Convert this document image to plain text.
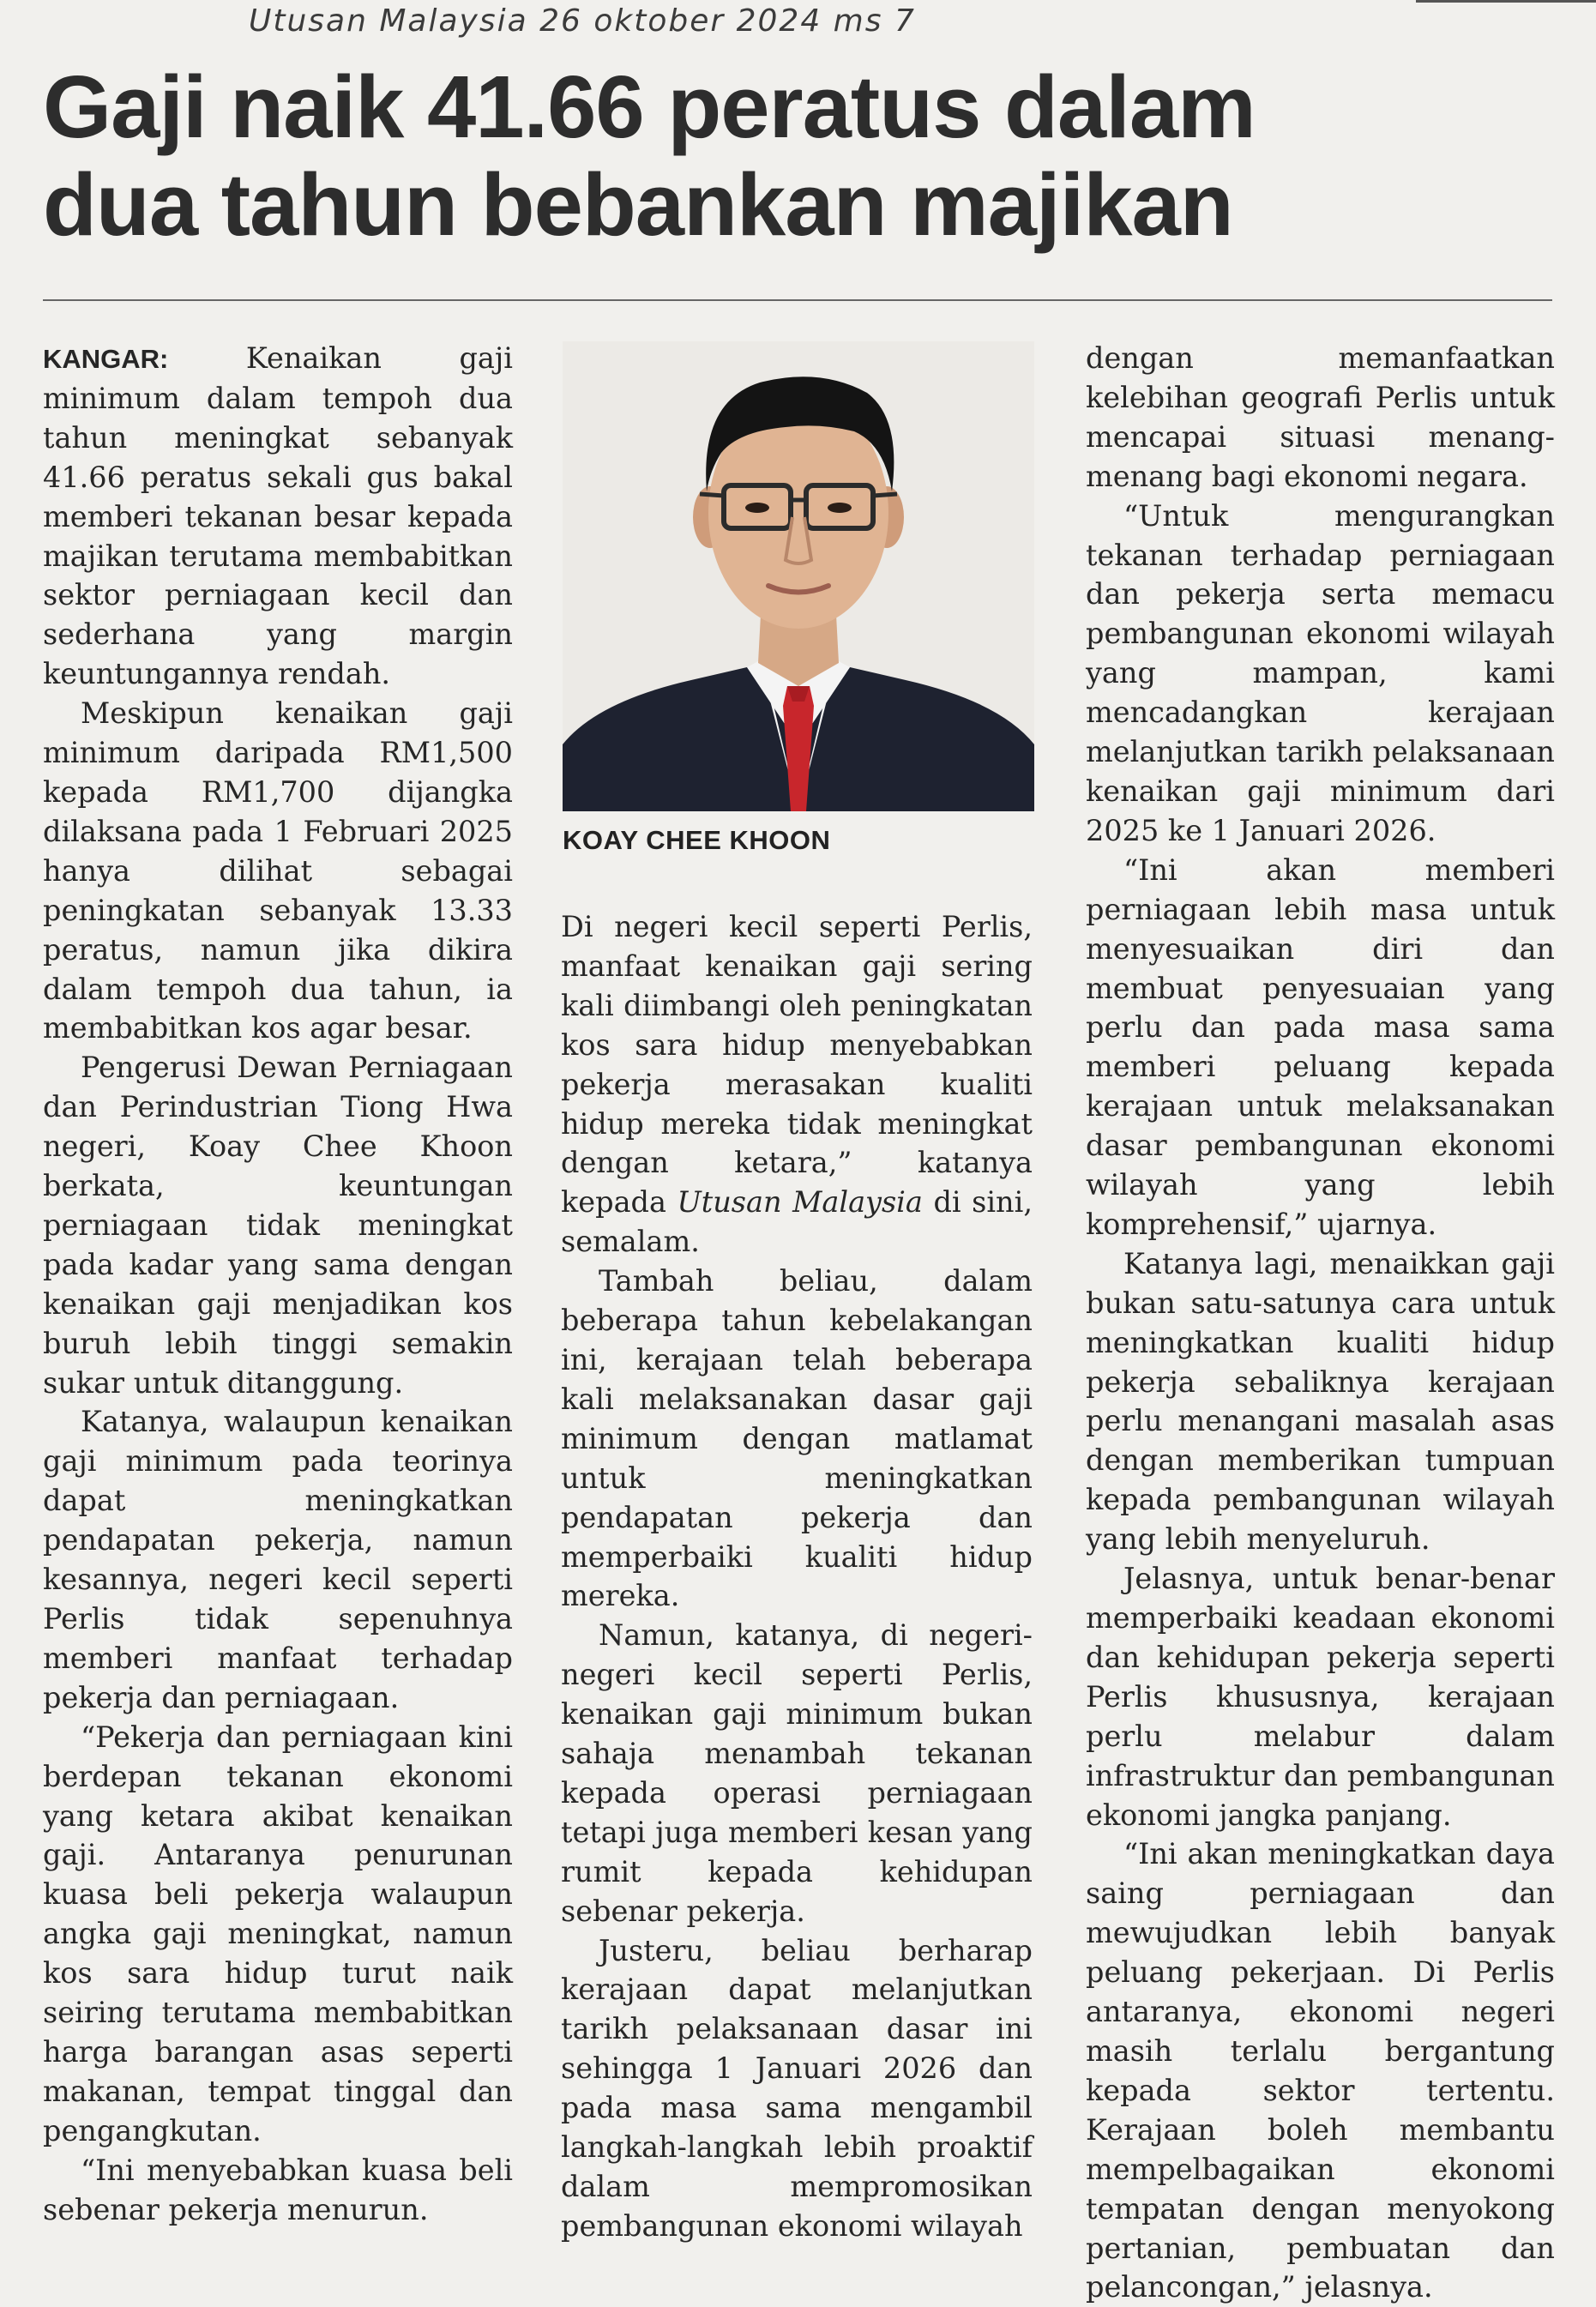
Utusan Malaysia 26 oktober 2024 ms 7
Gaji naik 41.66 peratus dalam
dua tahun bebankan majikan

KANGAR:	Kenaikan gaji minimum dalam tempoh dua tahun meningkat sebanyak 41.66 peratus sekali gus bakal memberi tekanan besar kepada majikan terutama membabitkan sektor perniagaan kecil dan sederhana yang margin keuntungannya rendah.

Meskipun kenaikan gaji minimum daripada RM1,500 kepada RM1,700 dijangka dilaksana pada 1 Februari 2025 hanya dilihat sebagai peningkatan sebanyak 13.33 peratus, namun jika dikira dalam tempoh dua tahun, ia membabitkan kos agar besar.

Pengerusi Dewan Perniagaan dan Perindustrian Tiong Hwa negeri, Koay Chee Khoon berkata, keuntungan perniagaan tidak meningkat pada kadar yang sama dengan kenaikan gaji menjadikan kos buruh lebih tinggi semakin sukar untuk ditanggung.

Katanya, walaupun kenaikan gaji minimum pada teorinya dapat meningkatkan pendapatan pekerja, namun kesannya, negeri kecil seperti Perlis tidak sepenuhnya memberi manfaat terhadap pekerja dan perniagaan.

“Pekerja dan perniagaan kini berdepan tekanan ekonomi yang ketara akibat kenaikan gaji. Antaranya penurunan kuasa beli pekerja walaupun angka gaji meningkat, namun kos sara hidup turut naik seiring terutama membabitkan harga barangan asas seperti makanan, tempat tinggal dan pengangkutan.

“Ini menyebabkan kuasa beli sebenar pekerja menurun.

KOAY CHEE KHOON

Di negeri kecil seperti Perlis, manfaat kenaikan gaji sering kali diimbangi oleh peningkatan kos sara hidup menyebabkan pekerja merasakan kualiti hidup mereka tidak meningkat dengan ketara,” katanya kepada Utusan Malaysia di sini, semalam.

Tambah beliau, dalam beberapa tahun kebelakangan ini, kerajaan telah beberapa kali melaksanakan dasar gaji minimum dengan matlamat untuk meningkatkan pendapatan pekerja dan memperbaiki kualiti hidup mereka.

Namun, katanya, di negeri-negeri kecil seperti Perlis, kenaikan gaji minimum bukan sahaja menambah tekanan kepada operasi perniagaan tetapi juga memberi kesan yang rumit kepada kehidupan sebenar pekerja.

Justeru, beliau berharap kerajaan dapat melanjutkan tarikh pelaksanaan dasar ini sehingga 1 Januari 2026 dan pada masa sama mengambil langkah-langkah lebih proaktif dalam mempromosikan pembangunan ekonomi wilayah

dengan memanfaatkan kelebihan geografi Perlis untuk mencapai situasi menang-menang bagi ekonomi negara.

“Untuk mengurangkan tekanan terhadap perniagaan dan pekerja serta memacu pembangunan ekonomi wilayah yang mampan, kami mencadangkan kerajaan melanjutkan tarikh pelaksanaan kenaikan gaji minimum dari 2025 ke 1 Januari 2026.

“Ini akan memberi perniagaan lebih masa untuk menyesuaikan diri dan membuat penyesuaian yang perlu dan pada masa sama memberi peluang kepada kerajaan untuk melaksanakan dasar pembangunan ekonomi wilayah yang lebih komprehensif,” ujarnya.

Katanya lagi, menaikkan gaji bukan satu-satunya cara untuk meningkatkan kualiti hidup pekerja sebaliknya kerajaan perlu menangani masalah asas dengan memberikan tumpuan kepada pembangunan wilayah yang lebih menyeluruh.

Jelasnya, untuk benar-benar memperbaiki keadaan ekonomi dan kehidupan pekerja seperti Perlis khususnya, kerajaan perlu melabur dalam infrastruktur dan pembangunan ekonomi jangka panjang.

“Ini akan meningkatkan daya saing perniagaan dan mewujudkan lebih banyak peluang pekerjaan. Di Perlis antaranya, ekonomi negeri masih terlalu bergantung kepada sektor tertentu. Kerajaan boleh membantu mempelbagaikan ekonomi tempatan dengan menyokong pertanian, pembuatan dan pelancongan,” jelasnya.
